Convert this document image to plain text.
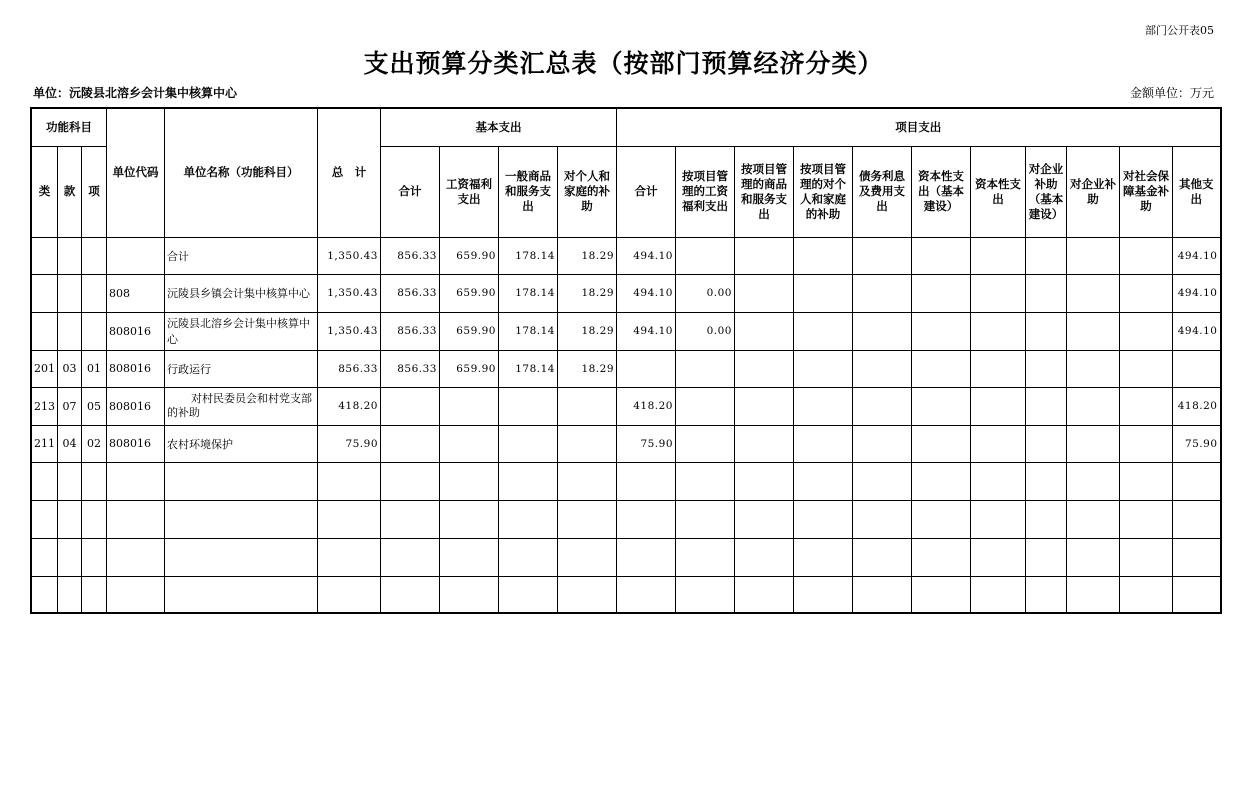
部门公开表05
支出预算分类汇总表（按部门预算经济分类）
单位：沅陵县北溶乡会计集中核算中心	金额单位：万元
功能科目			单位代码	单位名称（功能科目）	总　计	基本支出				项目支出										
类	款	项				合计	工资福利支出	一般商品和服务支出	对个人和家庭的补助	合计	按项目管理的工资福利支出	按项目管理的商品和服务支出	按项目管理的对个人和家庭的补助	债务利息及费用支出	资本性支出（基本建设）	资本性支出	对企业补助（基本建设）	对企业补助	对社会保障基金补助	其他支出
				合计	1,350.43	856.33	659.90	178.14	18.29	494.10										494.10
			808	沅陵县乡镇会计集中核算中心	1,350.43	856.33	659.90	178.14	18.29	494.10	0.00									494.10
			808016	沅陵县北溶乡会计集中核算中心	1,350.43	856.33	659.90	178.14	18.29	494.10	0.00									494.10
201	03	01	808016	行政运行	856.33	856.33	659.90	178.14	18.29											
213	07	05	808016	对村民委员会和村党支部的补助	418.20					418.20										418.20
211	04	02	808016	农村环境保护	75.90					75.90										75.90
